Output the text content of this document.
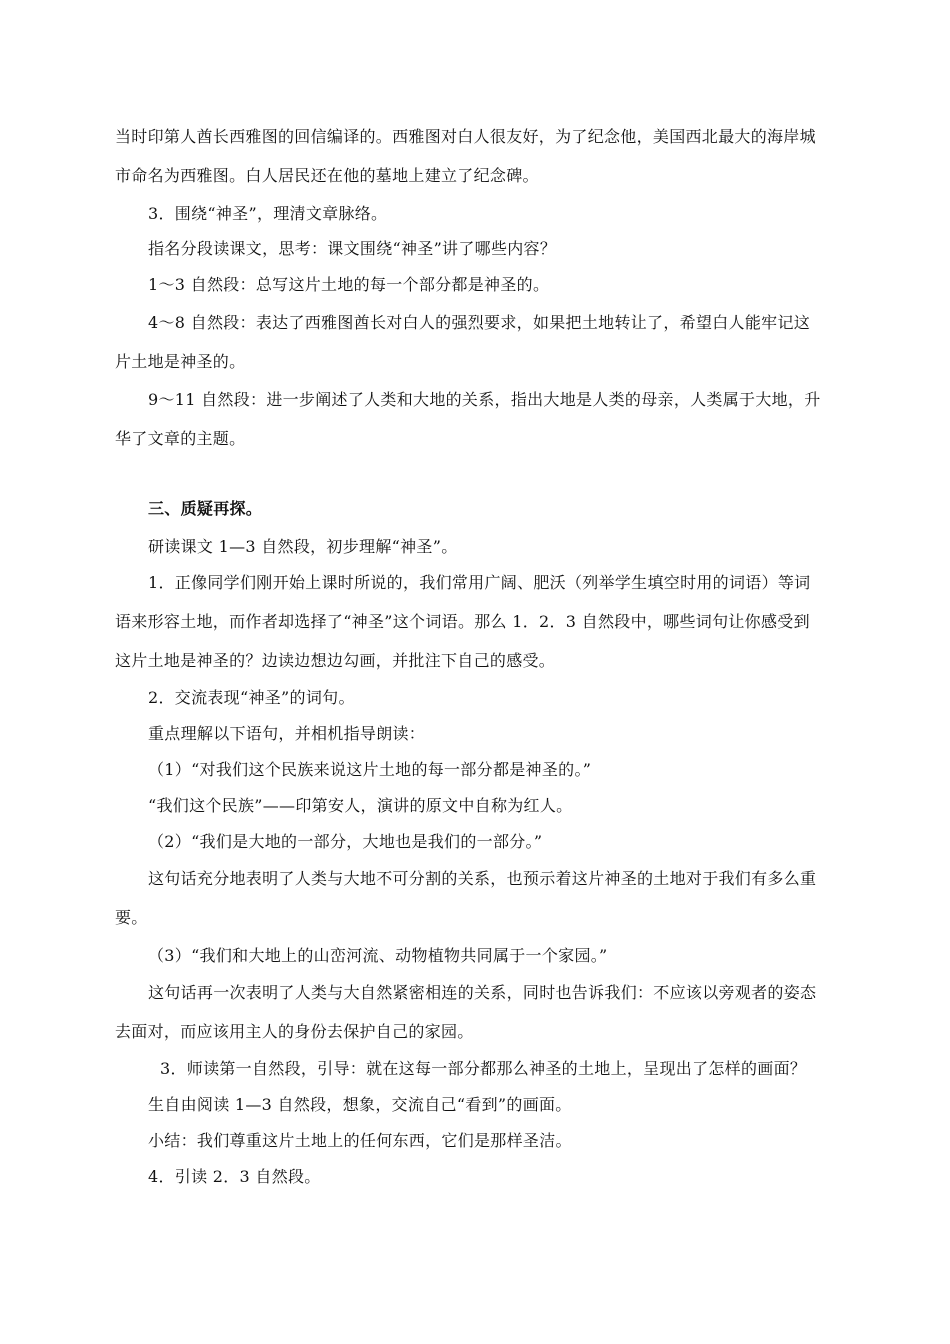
当时印第人酋长西雅图的回信编译的。西雅图对白人很友好，为了纪念他，美国西北最大的海岸城
市命名为西雅图。白人居民还在他的墓地上建立了纪念碑。
3．围绕“神圣”，理清文章脉络。
指名分段读课文，思考：课文围绕“神圣”讲了哪些内容？
1～3 自然段：总写这片土地的每一个部分都是神圣的。
4～8 自然段：表达了西雅图酋长对白人的强烈要求，如果把土地转让了，希望白人能牢记这
片土地是神圣的。
9～11 自然段：进一步阐述了人类和大地的关系，指出大地是人类的母亲，人类属于大地，升
华了文章的主题。
三、质疑再探。
研读课文 1—3 自然段，初步理解“神圣”。
1．正像同学们刚开始上课时所说的，我们常用广阔、肥沃（列举学生填空时用的词语）等词
语来形容土地，而作者却选择了“神圣”这个词语。那么 1．2．3 自然段中，哪些词句让你感受到
这片土地是神圣的？边读边想边勾画，并批注下自己的感受。
2．交流表现“神圣”的词句。
重点理解以下语句，并相机指导朗读：
（1）“对我们这个民族来说这片土地的每一部分都是神圣的。”
“我们这个民族”——印第安人，演讲的原文中自称为红人。
（2）“我们是大地的一部分，大地也是我们的一部分。”
这句话充分地表明了人类与大地不可分割的关系，也预示着这片神圣的土地对于我们有多么重
要。
（3）“我们和大地上的山峦河流、动物植物共同属于一个家园。”
这句话再一次表明了人类与大自然紧密相连的关系，同时也告诉我们：不应该以旁观者的姿态
去面对，而应该用主人的身份去保护自己的家园。
3．师读第一自然段，引导：就在这每一部分都那么神圣的土地上，呈现出了怎样的画面？
生自由阅读 1—3 自然段，想象，交流自己“看到”的画面。
小结：我们尊重这片土地上的任何东西，它们是那样圣洁。
4．引读 2．3 自然段。
